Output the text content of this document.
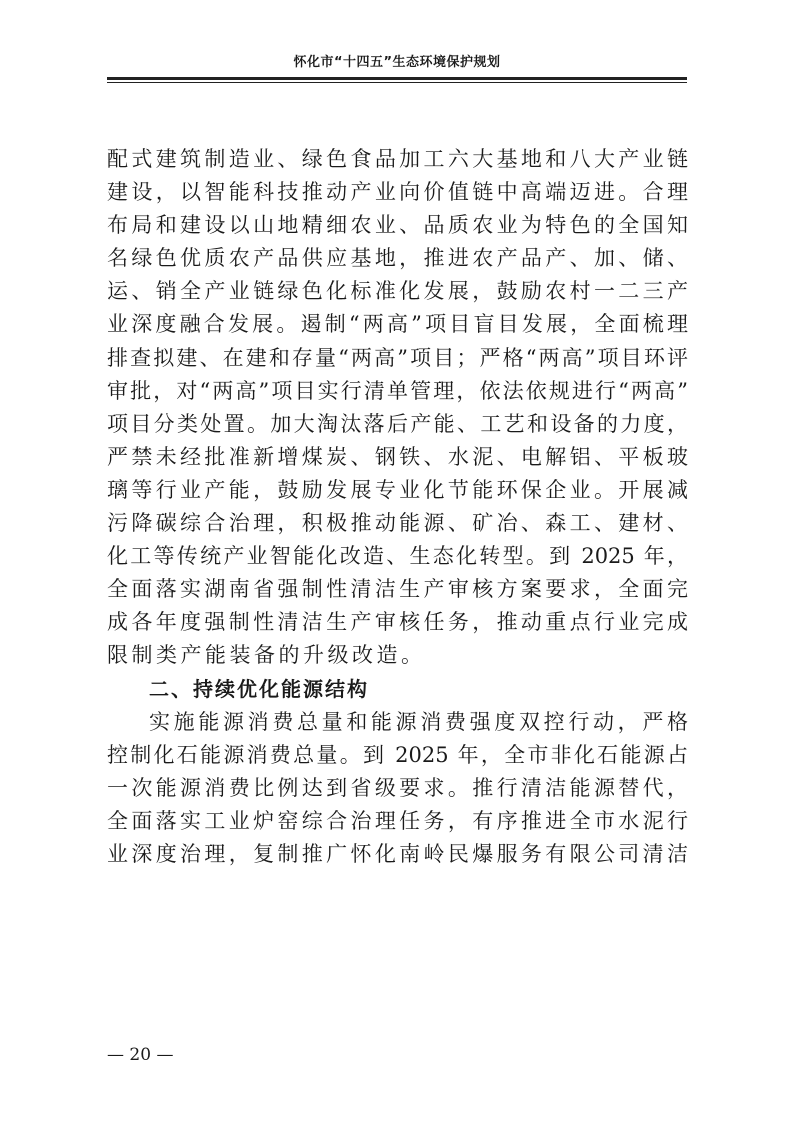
怀化市“十四五”生态环境保护规划
配式建筑制造业、绿色食品加工六大基地和八大产业链
建设，以智能科技推动产业向价值链中高端迈进。合理
布局和建设以山地精细农业、品质农业为特色的全国知
名绿色优质农产品供应基地，推进农产品产、加、储、
运、销全产业链绿色化标准化发展，鼓励农村一二三产
业深度融合发展。遏制“两高”项目盲目发展，全面梳理
排查拟建、在建和存量“两高”项目；严格“两高”项目环评
审批，对“两高”项目实行清单管理，依法依规进行“两高”
项目分类处置。加大淘汰落后产能、工艺和设备的力度，
严禁未经批准新增煤炭、钢铁、水泥、电解铝、平板玻
璃等行业产能，鼓励发展专业化节能环保企业。开展减
污降碳综合治理，积极推动能源、矿冶、森工、建材、
化工等传统产业智能化改造、生态化转型。到 2025 年，
全面落实湖南省强制性清洁生产审核方案要求，全面完
成各年度强制性清洁生产审核任务，推动重点行业完成
限制类产能装备的升级改造。
二、持续优化能源结构
实施能源消费总量和能源消费强度双控行动，严格
控制化石能源消费总量。到 2025 年，全市非化石能源占
一次能源消费比例达到省级要求。推行清洁能源替代，
全面落实工业炉窑综合治理任务，有序推进全市水泥行
业深度治理，复制推广怀化南岭民爆服务有限公司清洁
— 20 —
